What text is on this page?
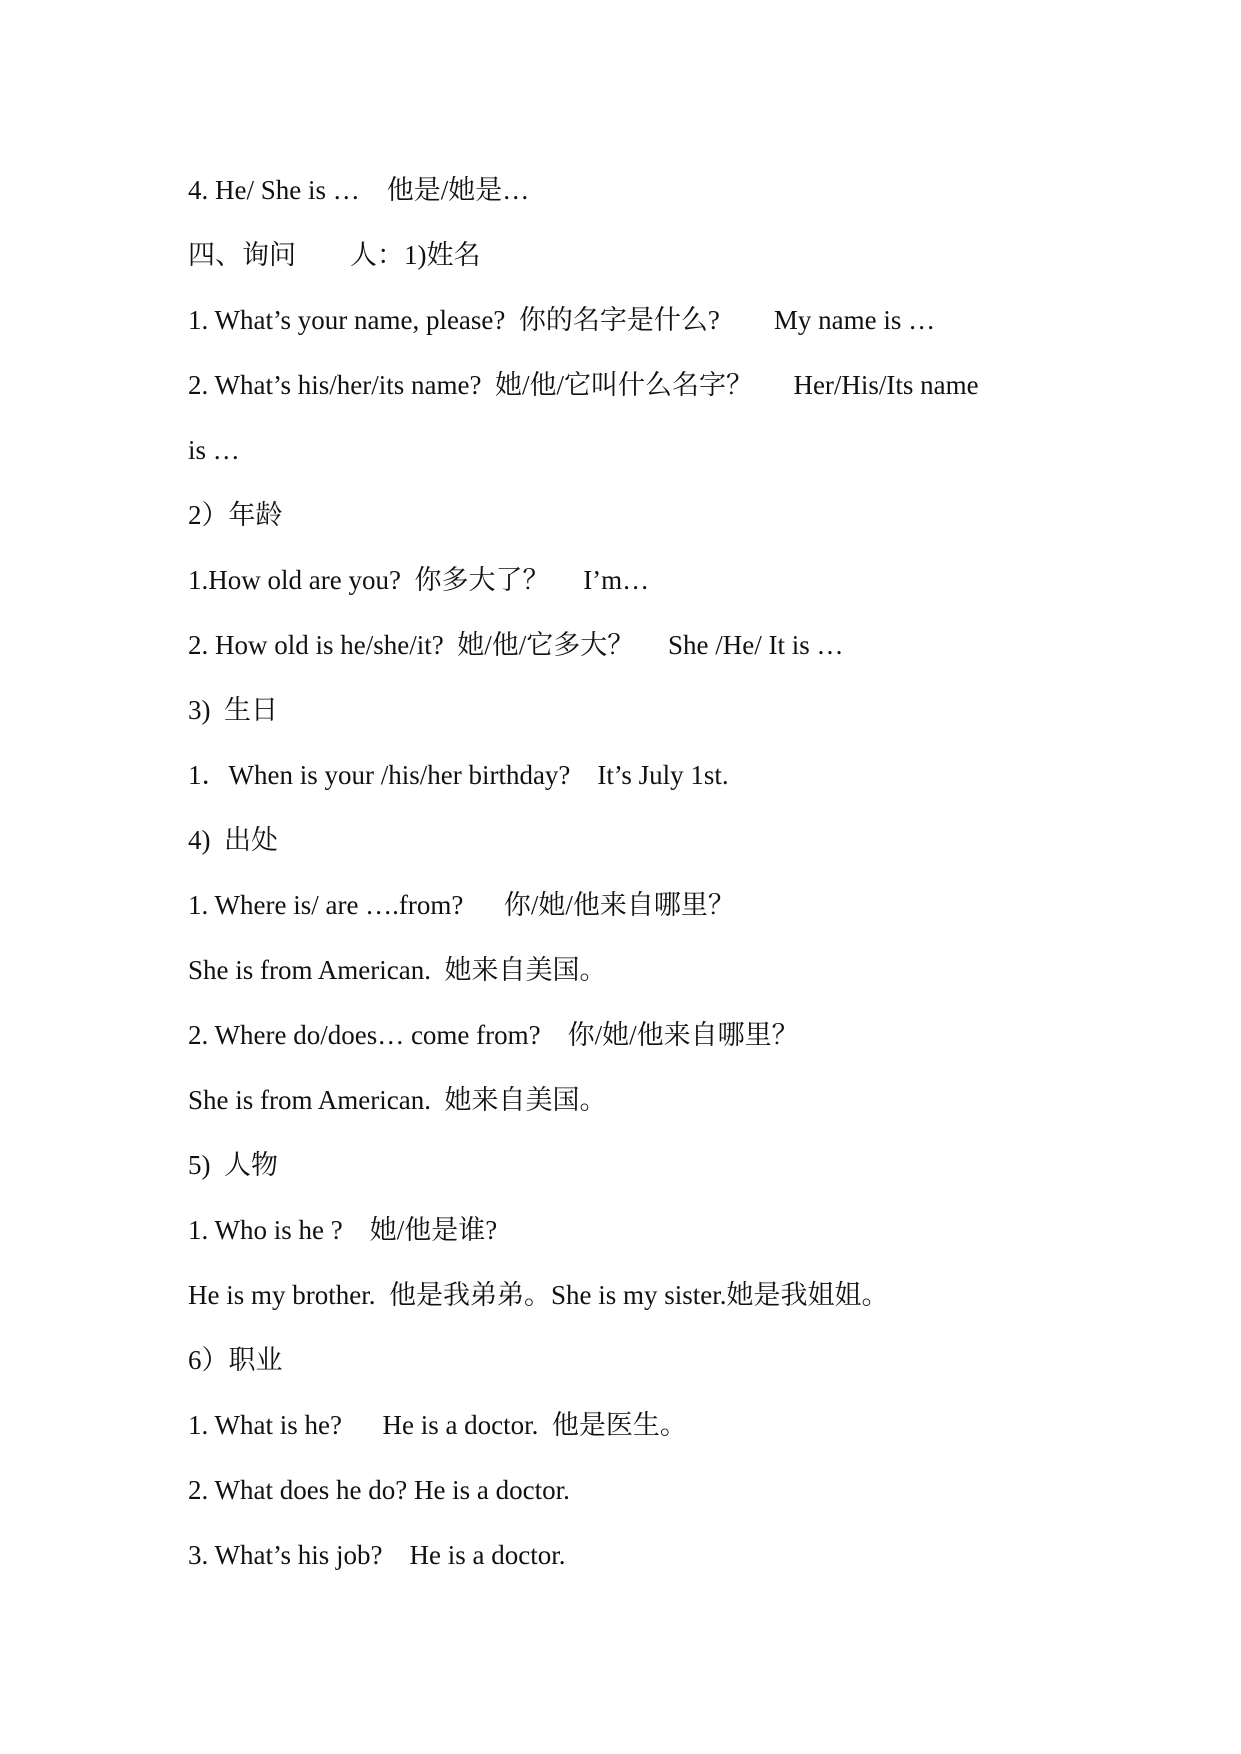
4. He/ She is …    他是/她是…
四、询问        人：1)姓名
1. What’s your name, please?  你的名字是什么?        My name is …
2. What’s his/her/its name?  她/他/它叫什么名字？      Her/His/Its name
is …
2）年龄
1.How old are you?  你多大了？     I’m…
2. How old is he/she/it?  她/他/它多大？     She /He/ It is …
3)  生日
1．When is your /his/her birthday?    It’s July 1st.
4)  出处
1. Where is/ are ….from?      你/她/他来自哪里？
She is from American.  她来自美国。
2. Where do/does… come from?    你/她/他来自哪里？
She is from American.  她来自美国。
5)  人物
1. Who is he ?    她/他是谁?
He is my brother.  他是我弟弟。She is my sister.她是我姐姐。
6）职业
1. What is he?      He is a doctor.  他是医生。
2. What does he do? He is a doctor.
3. What’s his job?    He is a doctor.
